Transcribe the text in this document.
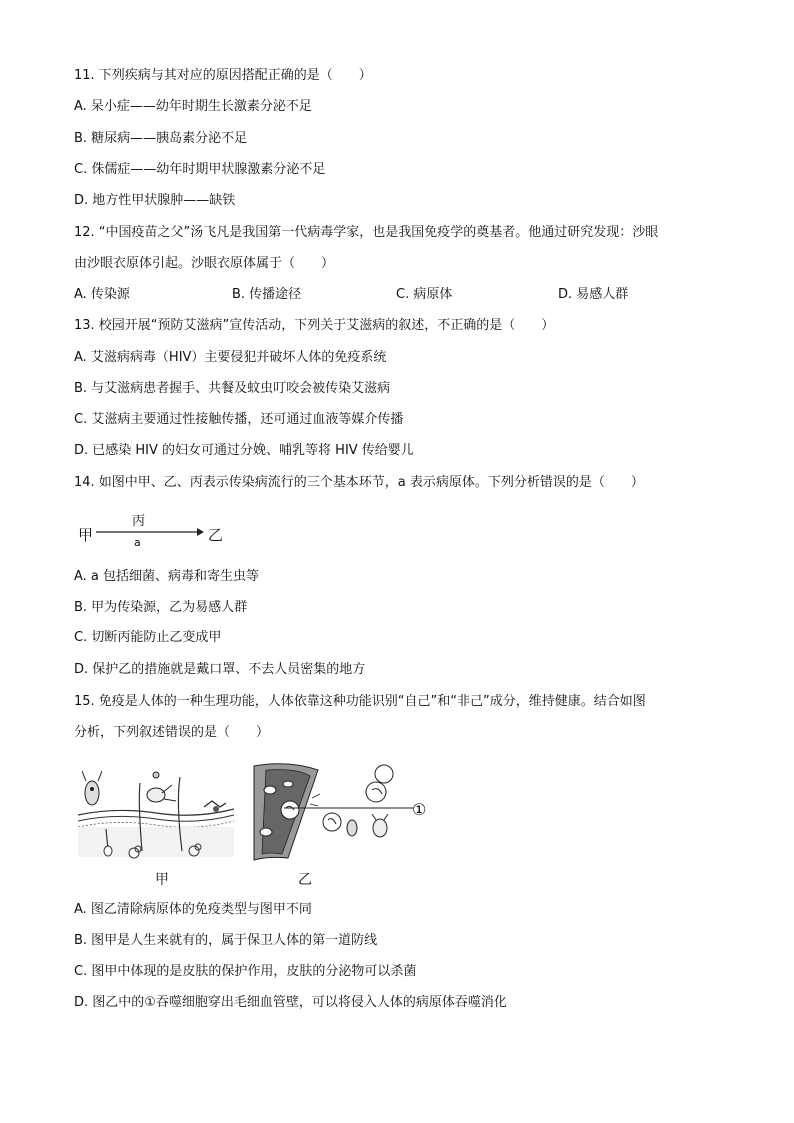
11. 下列疾病与其对应的原因搭配正确的是（　　）
A. 呆小症——幼年时期生长激素分泌不足
B. 糖尿病——胰岛素分泌不足
C. 侏儒症——幼年时期甲状腺激素分泌不足
D. 地方性甲状腺肿——缺铁
12. “中国疫苗之父”汤飞凡是我国第一代病毒学家，也是我国免疫学的奠基者。他通过研究发现：沙眼
由沙眼衣原体引起。沙眼衣原体属于（　　）
A. 传染源	B. 传播途径	C. 病原体	D. 易感人群
13. 校园开展“预防艾滋病”宣传活动，下列关于艾滋病的叙述，不正确的是（　　）
A. 艾滋病病毒（HIV）主要侵犯并破坏人体的免疫系统
B. 与艾滋病患者握手、共餐及蚊虫叮咬会被传染艾滋病
C. 艾滋病主要通过性接触传播，还可通过血液等媒介传播
D. 已感染 HIV 的妇女可通过分娩、哺乳等将 HIV 传给婴儿
14. 如图中甲、乙、丙表示传染病流行的三个基本环节，a 表示病原体。下列分析错误的是（　　）
甲
丙
a	乙
A. a 包括细菌、病毒和寄生虫等
B. 甲为传染源，乙为易感人群
C. 切断丙能防止乙变成甲
D. 保护乙的措施就是戴口罩、不去人员密集的地方
15. 免疫是人体的一种生理功能，人体依靠这种功能识别“自己”和“非己”成分，维持健康。结合如图
分析，下列叙述错误的是（　　）
①
甲	乙
A. 图乙清除病原体的免疫类型与图甲不同
B. 图甲是人生来就有的，属于保卫人体的第一道防线
C. 图甲中体现的是皮肤的保护作用，皮肤的分泌物可以杀菌
D. 图乙中的①吞噬细胞穿出毛细血管壁，可以将侵入人体的病原体吞噬消化
